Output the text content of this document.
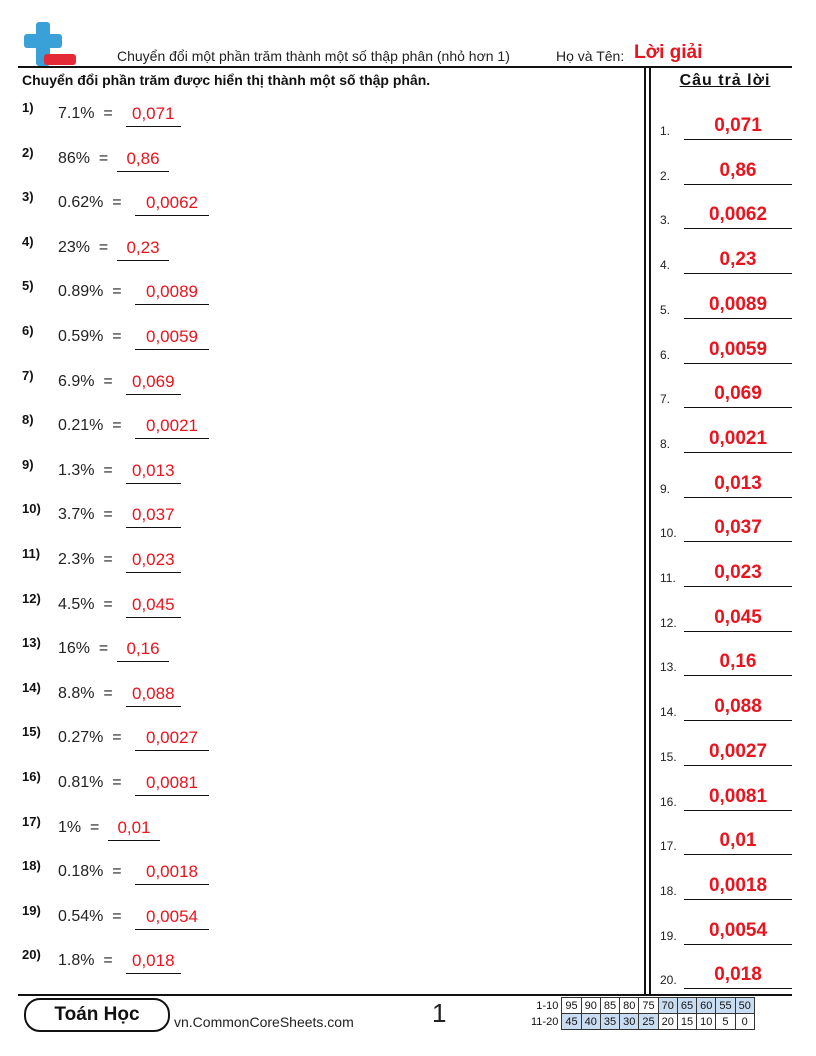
Chuyển đổi một phần trăm thành một số thập phân (nhỏ hơn 1)	Họ và Tên: Lời giải
Chuyển đổi phần trăm được hiển thị thành một số thập phân.	Câu trả lời
1)	7.1%  =	0,071
2)	86%  =	0,86
3)	0.62%  =	0,0062
4)	23%  =	0,23
5)	0.89%  =	0,0089
6)	0.59%  =	0,0059
7)	6.9%  =	0,069
8)	0.21%  =	0,0021
9)	1.3%  =	0,013
10)	3.7%  =	0,037
11)	2.3%  =	0,023
12)	4.5%  =	0,045
13)	16%  =	0,16
14)	8.8%  =	0,088
15)	0.27%  =	0,0027
16)	0.81%  =	0,0081
17)	1%  =	0,01
18)	0.18%  =	0,0018
19)	0.54%  =	0,0054
20)	1.8%  =	0,018
1.	0,071
2.	0,86
3.	0,0062
4.	0,23
5.	0,0089
6.	0,0059
7.	0,069
8.	0,0021
9.	0,013
10.	0,037
11.	0,023
12.	0,045
13.	0,16
14.	0,088
15.	0,0027
16.	0,0081
17.	0,01
18.	0,0018
19.	0,0054
20.	0,018
Toán Học	vn.CommonCoreSheets.com	1	1-10	95	90	85	80	75	70	65	60	55	50
11-20	45	40	35	30	25	20	15	10	5	0
